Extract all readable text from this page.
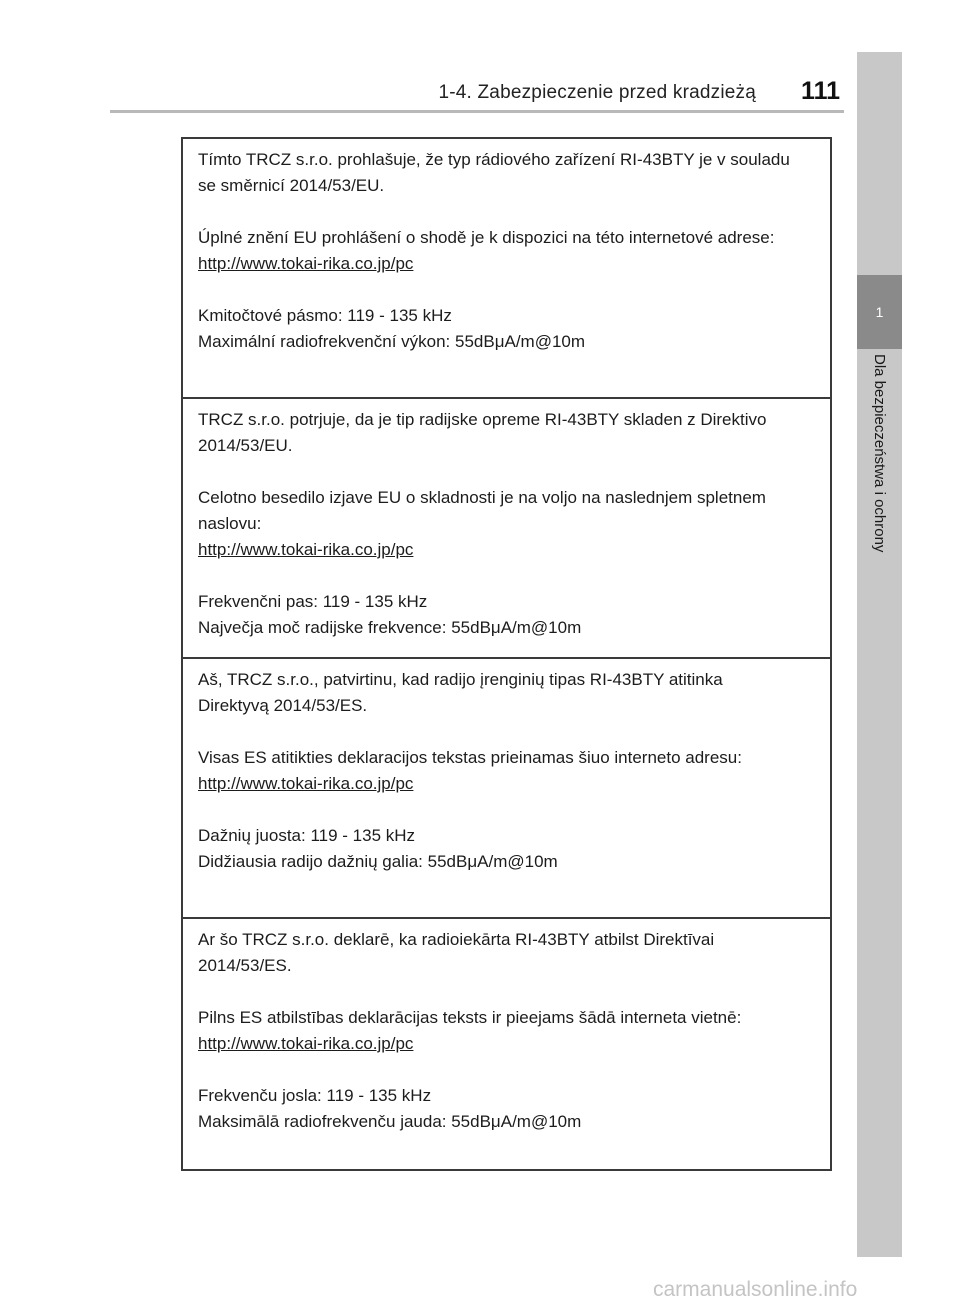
1-4. Zabezpieczenie przed kradzieżą 111
1
Dla bezpieczeństwa i ochrony

Tímto TRCZ s.r.o. prohlašuje, že typ rádiového zařízení RI-43BTY je v souladu se směrnicí 2014/53/EU.

Úplné znění EU prohlášení o shodě je k dispozici na této internetové adrese:

http://www.tokai-rika.co.jp/pc

Kmitočtové pásmo: 119 - 135 kHz

Maximální radiofrekvenční výkon: 55dBμA/m@10m

TRCZ s.r.o. potrjuje, da je tip radijske opreme RI-43BTY skladen z Direktivo 2014/53/EU.

Celotno besedilo izjave EU o skladnosti je na voljo na naslednjem spletnem naslovu:

http://www.tokai-rika.co.jp/pc

Frekvenčni pas: 119 - 135 kHz

Največja moč radijske frekvence: 55dBμA/m@10m

Aš, TRCZ s.r.o., patvirtinu, kad radijo įrenginių tipas RI-43BTY atitinka Direktyvą 2014/53/ES.

Visas ES atitikties deklaracijos tekstas prieinamas šiuo interneto adresu:

http://www.tokai-rika.co.jp/pc

Dažnių juosta: 119 - 135 kHz

Didžiausia radijo dažnių galia: 55dBμA/m@10m

Ar šo TRCZ s.r.o. deklarē, ka radioiekārta RI-43BTY atbilst Direktīvai 2014/53/ES.

Pilns ES atbilstības deklarācijas teksts ir pieejams šādā interneta vietnē:

http://www.tokai-rika.co.jp/pc

Frekvenču josla: 119 - 135 kHz

Maksimālā radiofrekvenču jauda: 55dBμA/m@10m

carmanualsonline.info
